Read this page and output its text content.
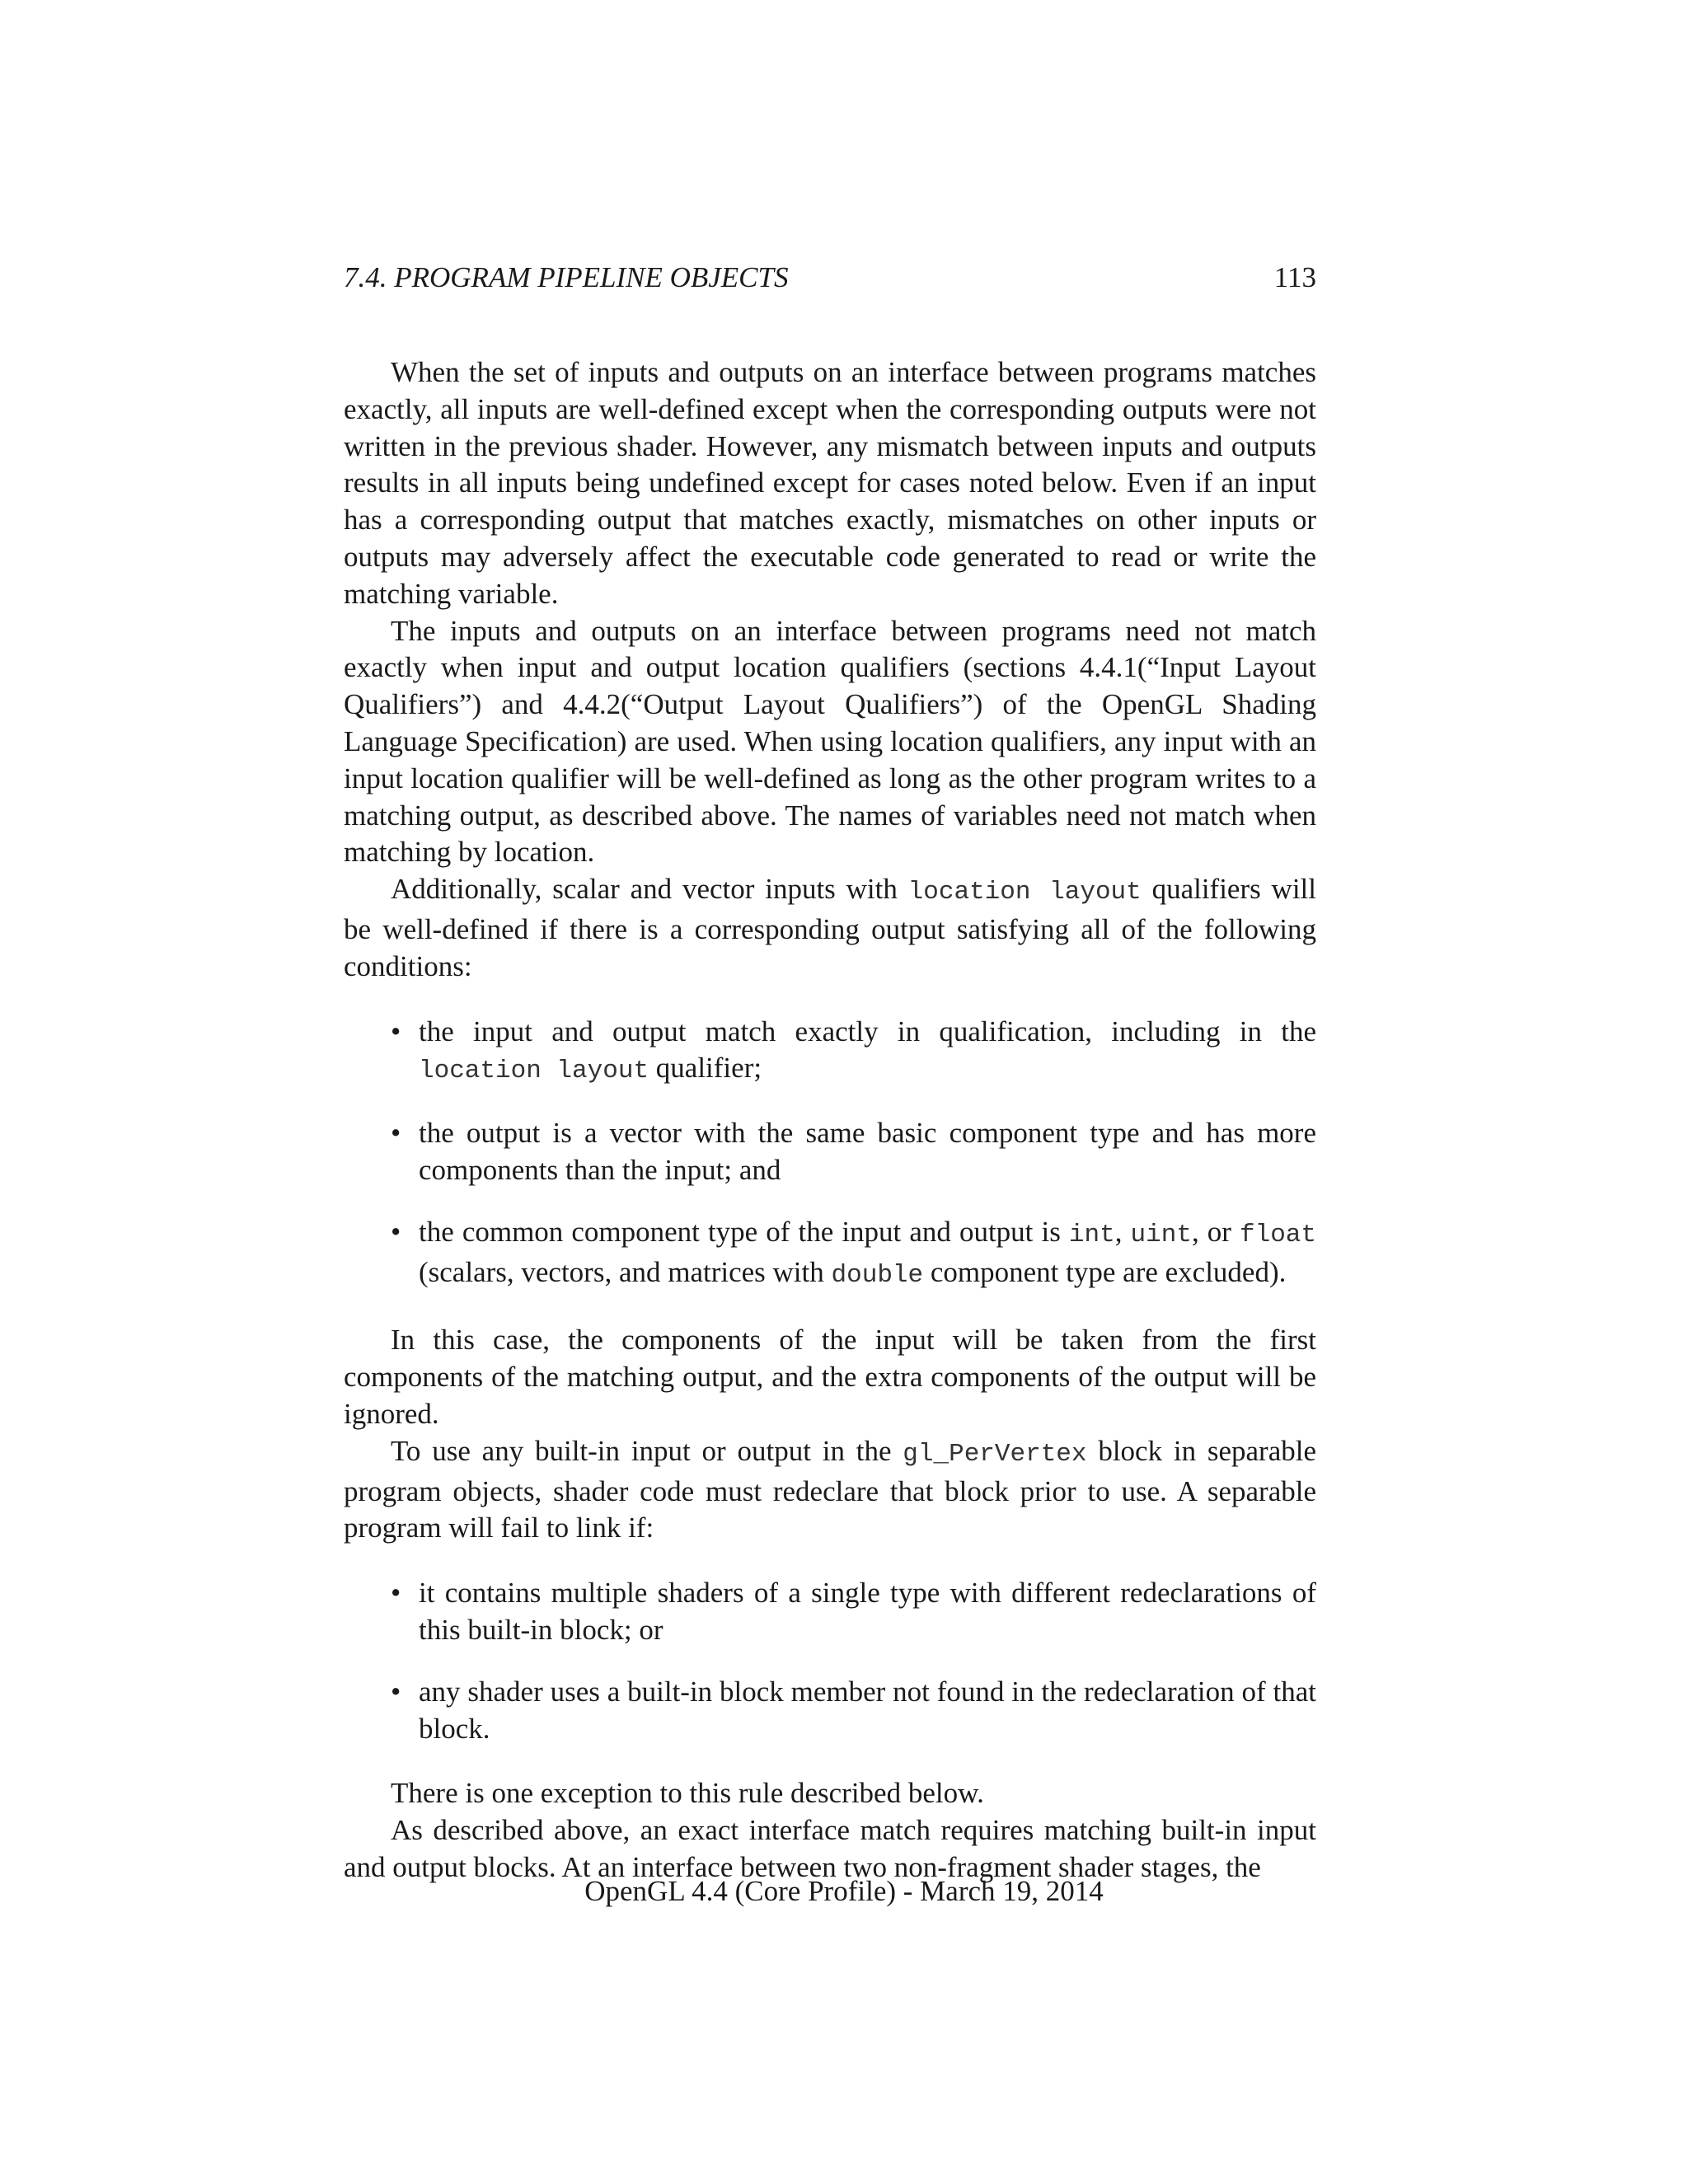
7.4. PROGRAM PIPELINE OBJECTS	113

When the set of inputs and outputs on an interface between programs matches exactly, all inputs are well-defined except when the corresponding outputs were not written in the previous shader. However, any mismatch between inputs and outputs results in all inputs being undefined except for cases noted below. Even if an input has a corresponding output that matches exactly, mismatches on other inputs or outputs may adversely affect the executable code generated to read or write the matching variable.

The inputs and outputs on an interface between programs need not match exactly when input and output location qualifiers (sections 4.4.1(“Input Layout Qualifiers”) and 4.4.2(“Output Layout Qualifiers”) of the OpenGL Shading Language Specification) are used. When using location qualifiers, any input with an input location qualifier will be well-defined as long as the other program writes to a matching output, as described above. The names of variables need not match when matching by location.

Additionally, scalar and vector inputs with location layout qualifiers will be well-defined if there is a corresponding output satisfying all of the following conditions:

• the input and output match exactly in qualification, including in the location layout qualifier;
• the output is a vector with the same basic component type and has more components than the input; and
• the common component type of the input and output is int, uint, or float (scalars, vectors, and matrices with double component type are excluded).

In this case, the components of the input will be taken from the first components of the matching output, and the extra components of the output will be ignored.

To use any built-in input or output in the gl_PerVertex block in separable program objects, shader code must redeclare that block prior to use. A separable program will fail to link if:

• it contains multiple shaders of a single type with different redeclarations of this built-in block; or
• any shader uses a built-in block member not found in the redeclaration of that block.

There is one exception to this rule described below.

As described above, an exact interface match requires matching built-in input and output blocks. At an interface between two non-fragment shader stages, the

OpenGL 4.4 (Core Profile) - March 19, 2014
